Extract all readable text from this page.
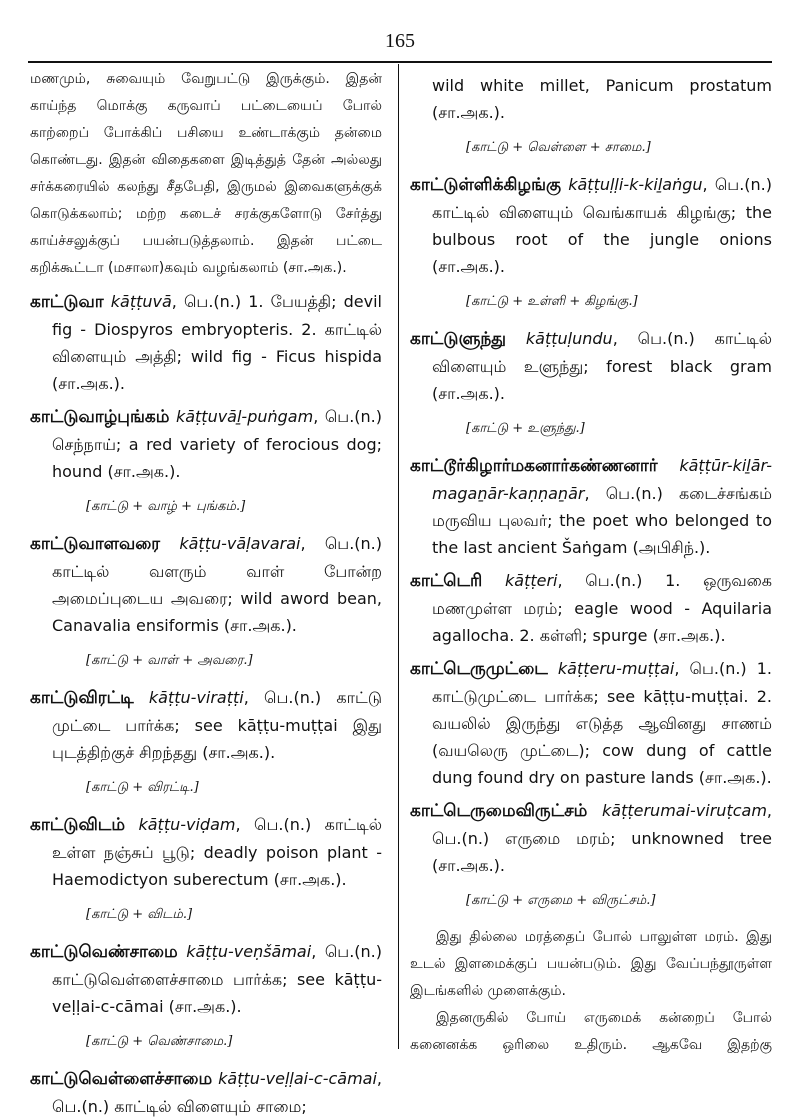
165

மணமும், சுவையும் வேறுபட்டு இருக்கும். இதன் காய்ந்த மொக்கு கருவாப் பட்டையைப் போல் காற்றைப் போக்கிப் பசியை உண்டாக்கும் தன்மை கொண்டது. இதன் விதைகளை இடித்துத் தேன் அல்லது சர்க்கரையில் கலந்து சீதபேதி, இருமல் இவைகளுக்குக் கொடுக்கலாம்; மற்ற கடைச் சரக்குகளோடு சேர்த்து காய்ச்சலுக்குப் பயன்படுத்தலாம். இதன் பட்டை கறிக்கூட்டா (மசாலா)கவும் வழங்கலாம் (சா.அக.).

காட்டுவா kāṭṭuvā, பெ.(n.) 1. பேயத்தி; devil fig - Diospyros embryopteris. 2. காட்டில் விளையும் அத்தி; wild fig - Ficus hispida (சா.அக.).
காட்டுவாழ்புங்கம் kāṭṭuvāḻ-puṅgam, பெ.(n.) செந்நாய்; a red variety of ferocious dog; hound (சா.அக.).
[காட்டு + வாழ் + புங்கம்.]
காட்டுவாளவரை kāṭṭu-vāḷavarai, பெ.(n.) காட்டில் வளரும் வாள் போன்ற அமைப்புடைய அவரை; wild aword bean, Canavalia ensiformis (சா.அக.).
[காட்டு + வாள் + அவரை.]
காட்டுவிரட்டி kāṭṭu-viraṭṭi, பெ.(n.) காட்டு முட்டை பார்க்க; see kāṭṭu-muṭṭai இது புடத்திற்குச் சிறந்தது (சா.அக.).
[காட்டு + விரட்டி.]
காட்டுவிடம் kāṭṭu-viḍam, பெ.(n.) காட்டில் உள்ள நஞ்சுப் பூடு; deadly poison plant - Haemodictyon suberectum (சா.அக.).
[காட்டு + விடம்.]
காட்டுவெண்சாமை kāṭṭu-veṇšāmai, பெ.(n.) காட்டுவெள்ளைச்சாமை பார்க்க; see kāṭṭu-veḷḷai-c-cāmai (சா.அக.).
[காட்டு + வெண்சாமை.]
காட்டுவெள்ளைச்சாமை kāṭṭu-veḷḷai-c-cāmai, பெ.(n.) காட்டில் விளையும் சாமை;
wild white millet, Panicum prostatum (சா.அக.).
[காட்டு + வெள்ளை + சாமை.]
காட்டுள்ளிக்கிழங்கு kāṭṭuḷḷi-k-kiḻaṅgu, பெ.(n.) காட்டில் விளையும் வெங்காயக் கிழங்கு; the bulbous root of the jungle onions (சா.அக.).
[காட்டு + உள்ளி + கிழங்கு.]
காட்டுளுந்து kāṭṭuḷundu, பெ.(n.) காட்டில் விளையும் உளுந்து; forest black gram (சா.அக.).
[காட்டு + உளுந்து.]
காட்டூர்கிழார்மகனார்கண்ணனார் kāṭṭūr-kiḻār-magaṉār-kaṇṇaṉār, பெ.(n.) கடைச்சங்கம் மருவிய புலவர்; the poet who belonged to the last ancient Šaṅgam (அபிசிந்.).
காட்டெரி kāṭṭeri, பெ.(n.) 1. ஒருவகை மணமுள்ள மரம்; eagle wood - Aquilaria agallocha. 2. கள்ளி; spurge (சா.அக.).
காட்டெருமுட்டை kāṭṭeru-muṭṭai, பெ.(n.) 1. காட்டுமுட்டை பார்க்க; see kāṭṭu-muṭṭai. 2. வயலில் இருந்து எடுத்த ஆவினது சாணம் (வயலெரு முட்டை); cow dung of cattle dung found dry on pasture lands (சா.அக.).
காட்டெருமைவிருட்சம் kāṭṭerumai-viruṭcam, பெ.(n.) எருமை மரம்; unknowned tree (சா.அக.).
[காட்டு + எருமை + விருட்சம்.]

இது தில்லை மரத்தைப் போல் பாலுள்ள மரம். இது உடல் இளமைக்குப் பயன்படும். இது வேப்பந்தூருள்ள இடங்களில் முளைக்கும்.

இதனருகில் போய் எருமைக் கன்றைப் போல் கனைனக்க ஒரிலை உதிரும். ஆகவே இதற்கு
